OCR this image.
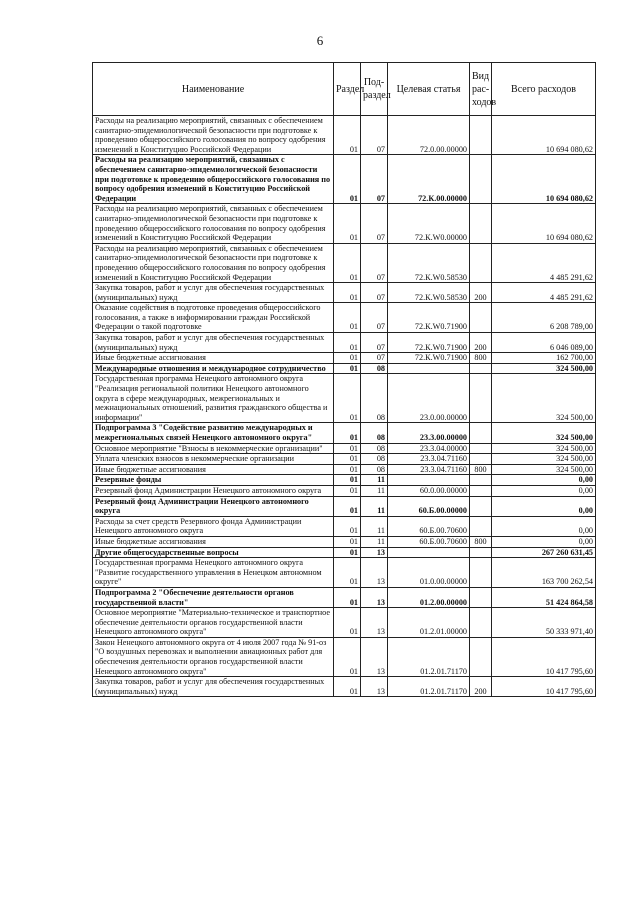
6
Наименование	Раздел	Под-раздел	Целевая статья	Вид рас-ходов	Всего расходов
Расходы на реализацию мероприятий, связанных с обеспечением санитарно-эпидемиологической безопасности при подготовке к проведению общероссийского голосования по вопросу одобрения изменений в Конституцию Российской Федерации	01	07	72.0.00.00000		10 694 080,62
Расходы на реализацию мероприятий, связанных с обеспечением санитарно-эпидемиологической безопасности при подготовке к проведению общероссийского голосования по вопросу одобрения изменений в Конституцию Российской Федерации	01	07	72.К.00.00000		10 694 080,62
Расходы на реализацию мероприятий, связанных с обеспечением санитарно-эпидемиологической безопасности при подготовке к проведению общероссийского голосования по вопросу одобрения изменений в Конституцию Российской Федерации	01	07	72.К.W0.00000		10 694 080,62
Расходы на реализацию мероприятий, связанных с обеспечением санитарно-эпидемиологической безопасности при подготовке к проведению общероссийского голосования по вопросу одобрения изменений в Конституцию Российской Федерации	01	07	72.К.W0.58530		4 485 291,62
Закупка товаров, работ и услуг для обеспечения государственных (муниципальных) нужд	01	07	72.К.W0.58530	200	4 485 291,62
Оказание содействия в подготовке проведения общероссийского голосования, а также в информировании граждан Российской Федерации о такой подготовке	01	07	72.К.W0.71900		6 208 789,00
Закупка товаров, работ и услуг для обеспечения государственных (муниципальных) нужд	01	07	72.К.W0.71900	200	6 046 089,00
Иные бюджетные ассигнования	01	07	72.К.W0.71900	800	162 700,00
Международные отношения и международное сотрудничество	01	08			324 500,00
Государственная программа Ненецкого автономного округа "Реализация региональной политики Ненецкого автономного округа в сфере международных, межрегиональных и межнациональных отношений, развития гражданского общества и информации"	01	08	23.0.00.00000		324 500,00
Подпрограмма 3 "Содействие развитию международных и межрегиональных связей Ненецкого автономного округа"	01	08	23.3.00.00000		324 500,00
Основное мероприятие "Взносы в некоммерческие организации"	01	08	23.3.04.00000		324 500,00
Уплата членских взносов в некоммерческие организации	01	08	23.3.04.71160		324 500,00
Иные бюджетные ассигнования	01	08	23.3.04.71160	800	324 500,00
Резервные фонды	01	11			0,00
Резервный фонд Администрации Ненецкого автономного округа	01	11	60.0.00.00000		0,00
Резервный фонд Администрации Ненецкого автономного округа	01	11	60.Б.00.00000		0,00
Расходы за счет средств Резервного фонда Администрации Ненецкого автономного округа	01	11	60.Б.00.70600		0,00
Иные бюджетные ассигнования	01	11	60.Б.00.70600	800	0,00
Другие общегосударственные вопросы	01	13			267 260 631,45
Государственная программа Ненецкого автономного округа "Развитие государственного управления в Ненецком автономном округе"	01	13	01.0.00.00000		163 700 262,54
Подпрограмма 2 "Обеспечение деятельности органов государственной власти"	01	13	01.2.00.00000		51 424 864,58
Основное мероприятие "Материально-техническое и транспортное обеспечение деятельности органов государственной власти Ненецкого автономного округа"	01	13	01.2.01.00000		50 333 971,40
Закон Ненецкого автономного округа от 4 июля 2007 года № 91-оз "О воздушных перевозках и выполнении авиационных работ для обеспечения деятельности органов государственной власти Ненецкого автономного округа"	01	13	01.2.01.71170		10 417 795,60
Закупка товаров, работ и услуг для обеспечения государственных (муниципальных) нужд	01	13	01.2.01.71170	200	10 417 795,60
